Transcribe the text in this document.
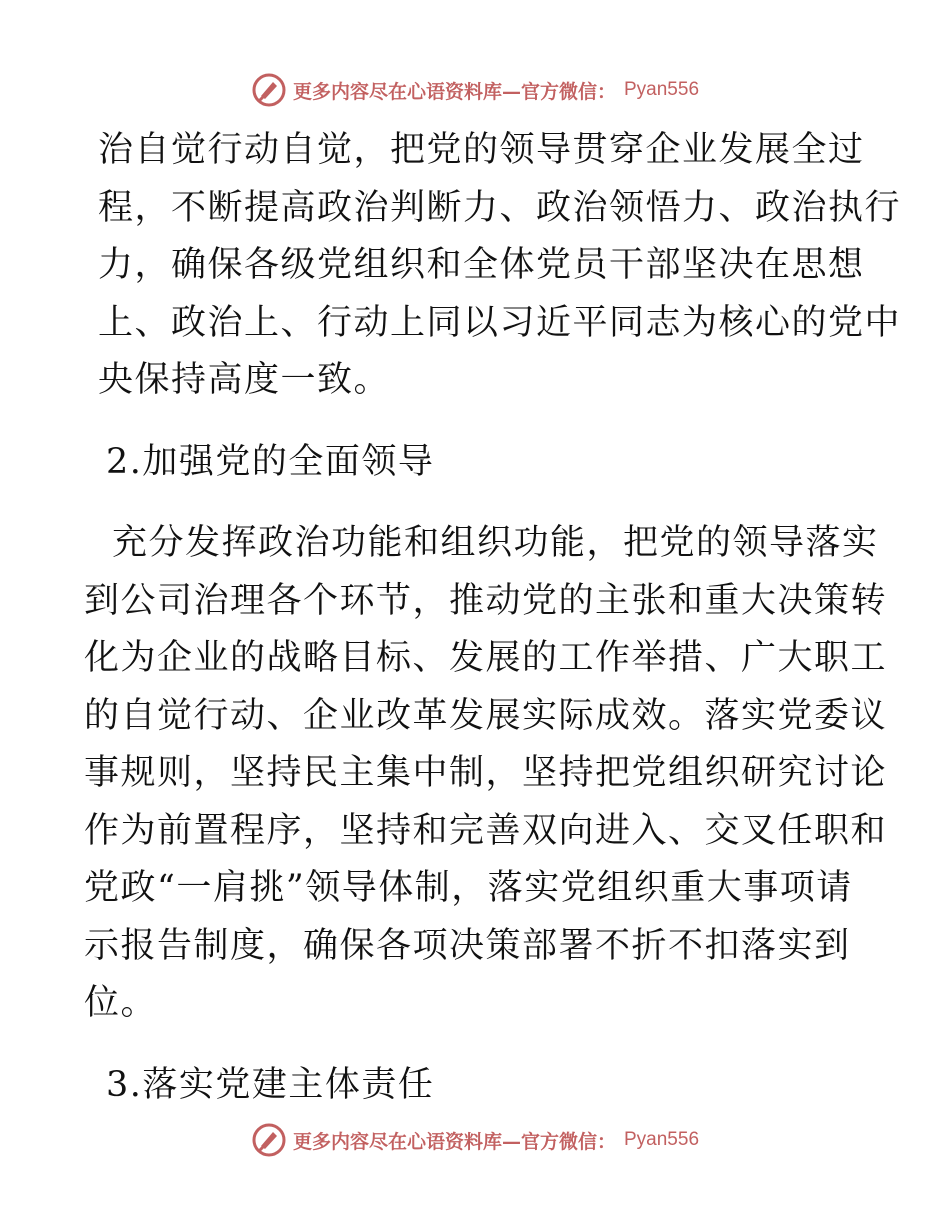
更多内容尽在心语资料库—官方微信： Pyan556

治自觉行动自觉，把党的领导贯穿企业发展全过
程，不断提高政治判断力、政治领悟力、政治执行
力，确保各级党组织和全体党员干部坚决在思想
上、政治上、行动上同以习近平同志为核心的党中
央保持高度一致。

2.加强党的全面领导

充分发挥政治功能和组织功能，把党的领导落实
到公司治理各个环节，推动党的主张和重大决策转
化为企业的战略目标、发展的工作举措、广大职工
的自觉行动、企业改革发展实际成效。落实党委议
事规则，坚持民主集中制，坚持把党组织研究讨论
作为前置程序，坚持和完善双向进入、交叉任职和
党政“一肩挑”领导体制，落实党组织重大事项请
示报告制度，确保各项决策部署不折不扣落实到
位。

3.落实党建主体责任

更多内容尽在心语资料库—官方微信： Pyan556
